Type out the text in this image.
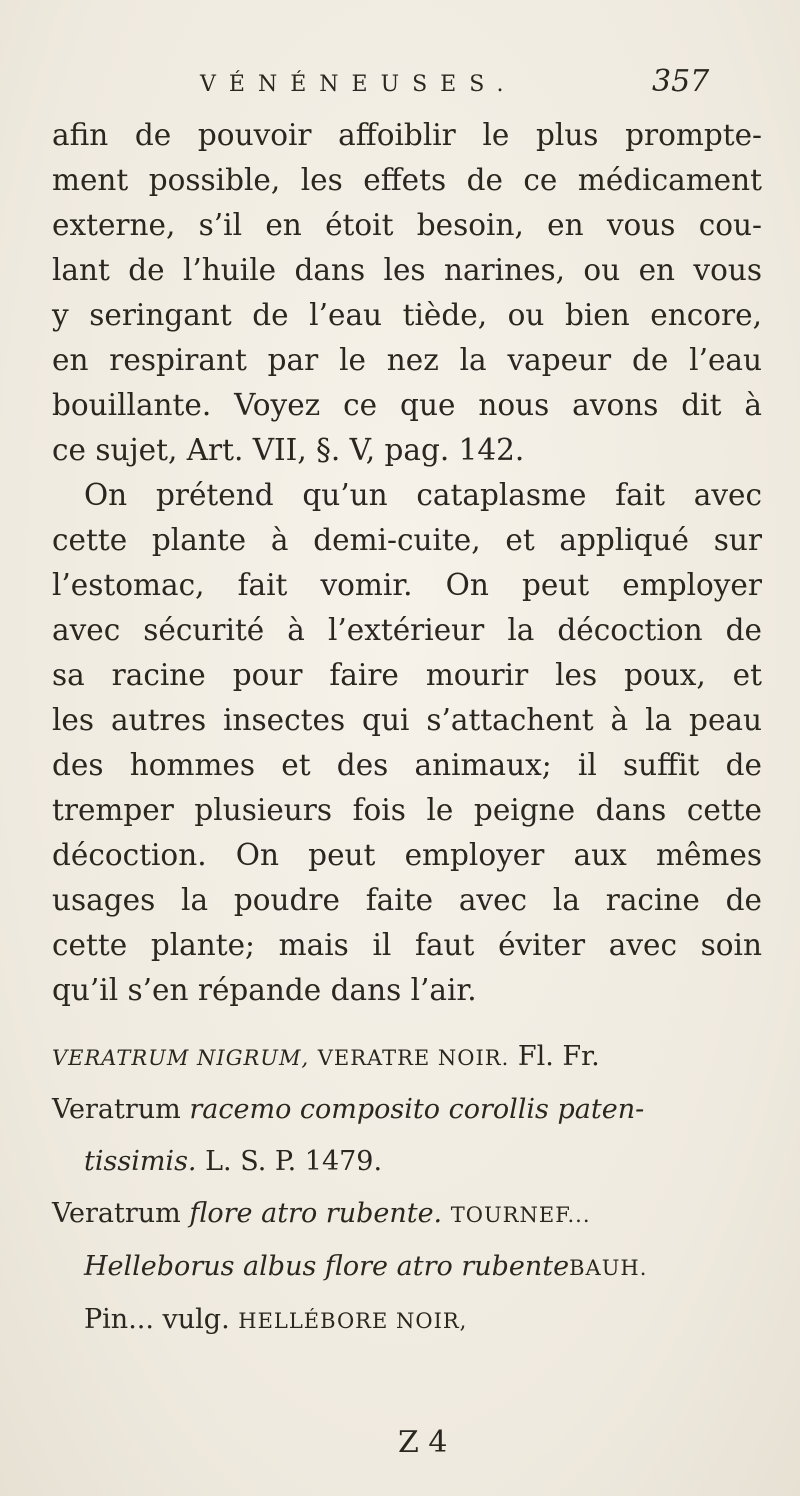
VÉNÉNEUSES.	357
afin de pouvoir affoiblir le plus prompte-
ment possible, les effets de ce médicament
externe, s’il en étoit besoin, en vous cou-
lant de l’huile dans les narines, ou en vous
y seringant de l’eau tiède, ou bien encore,
en respirant par le nez la vapeur de l’eau
bouillante. Voyez ce que nous avons dit à
ce sujet, Art. VII, §. V, pag. 142.
On prétend qu’un cataplasme fait avec
cette plante à demi-cuite, et appliqué sur
l’estomac, fait vomir. On peut employer
avec sécurité à l’extérieur la décoction de
sa racine pour faire mourir les poux, et
les autres insectes qui s’attachent à la peau
des hommes et des animaux; il suffit de
tremper plusieurs fois le peigne dans cette
décoction. On peut employer aux mêmes
usages la poudre faite avec la racine de
cette plante; mais il faut éviter avec soin
qu’il s’en répande dans l’air.
VERATRUM NIGRUM, VERATRE NOIR. Fl. Fr.
Veratrum racemo composito corollis paten-
tissimis. L. S. P. 1479.
Veratrum flore atro rubente. TOURNEF...
Helleborus albus flore atro rubenteBAUH.
Pin... vulg. HELLÉBORE NOIR,
Z 4
